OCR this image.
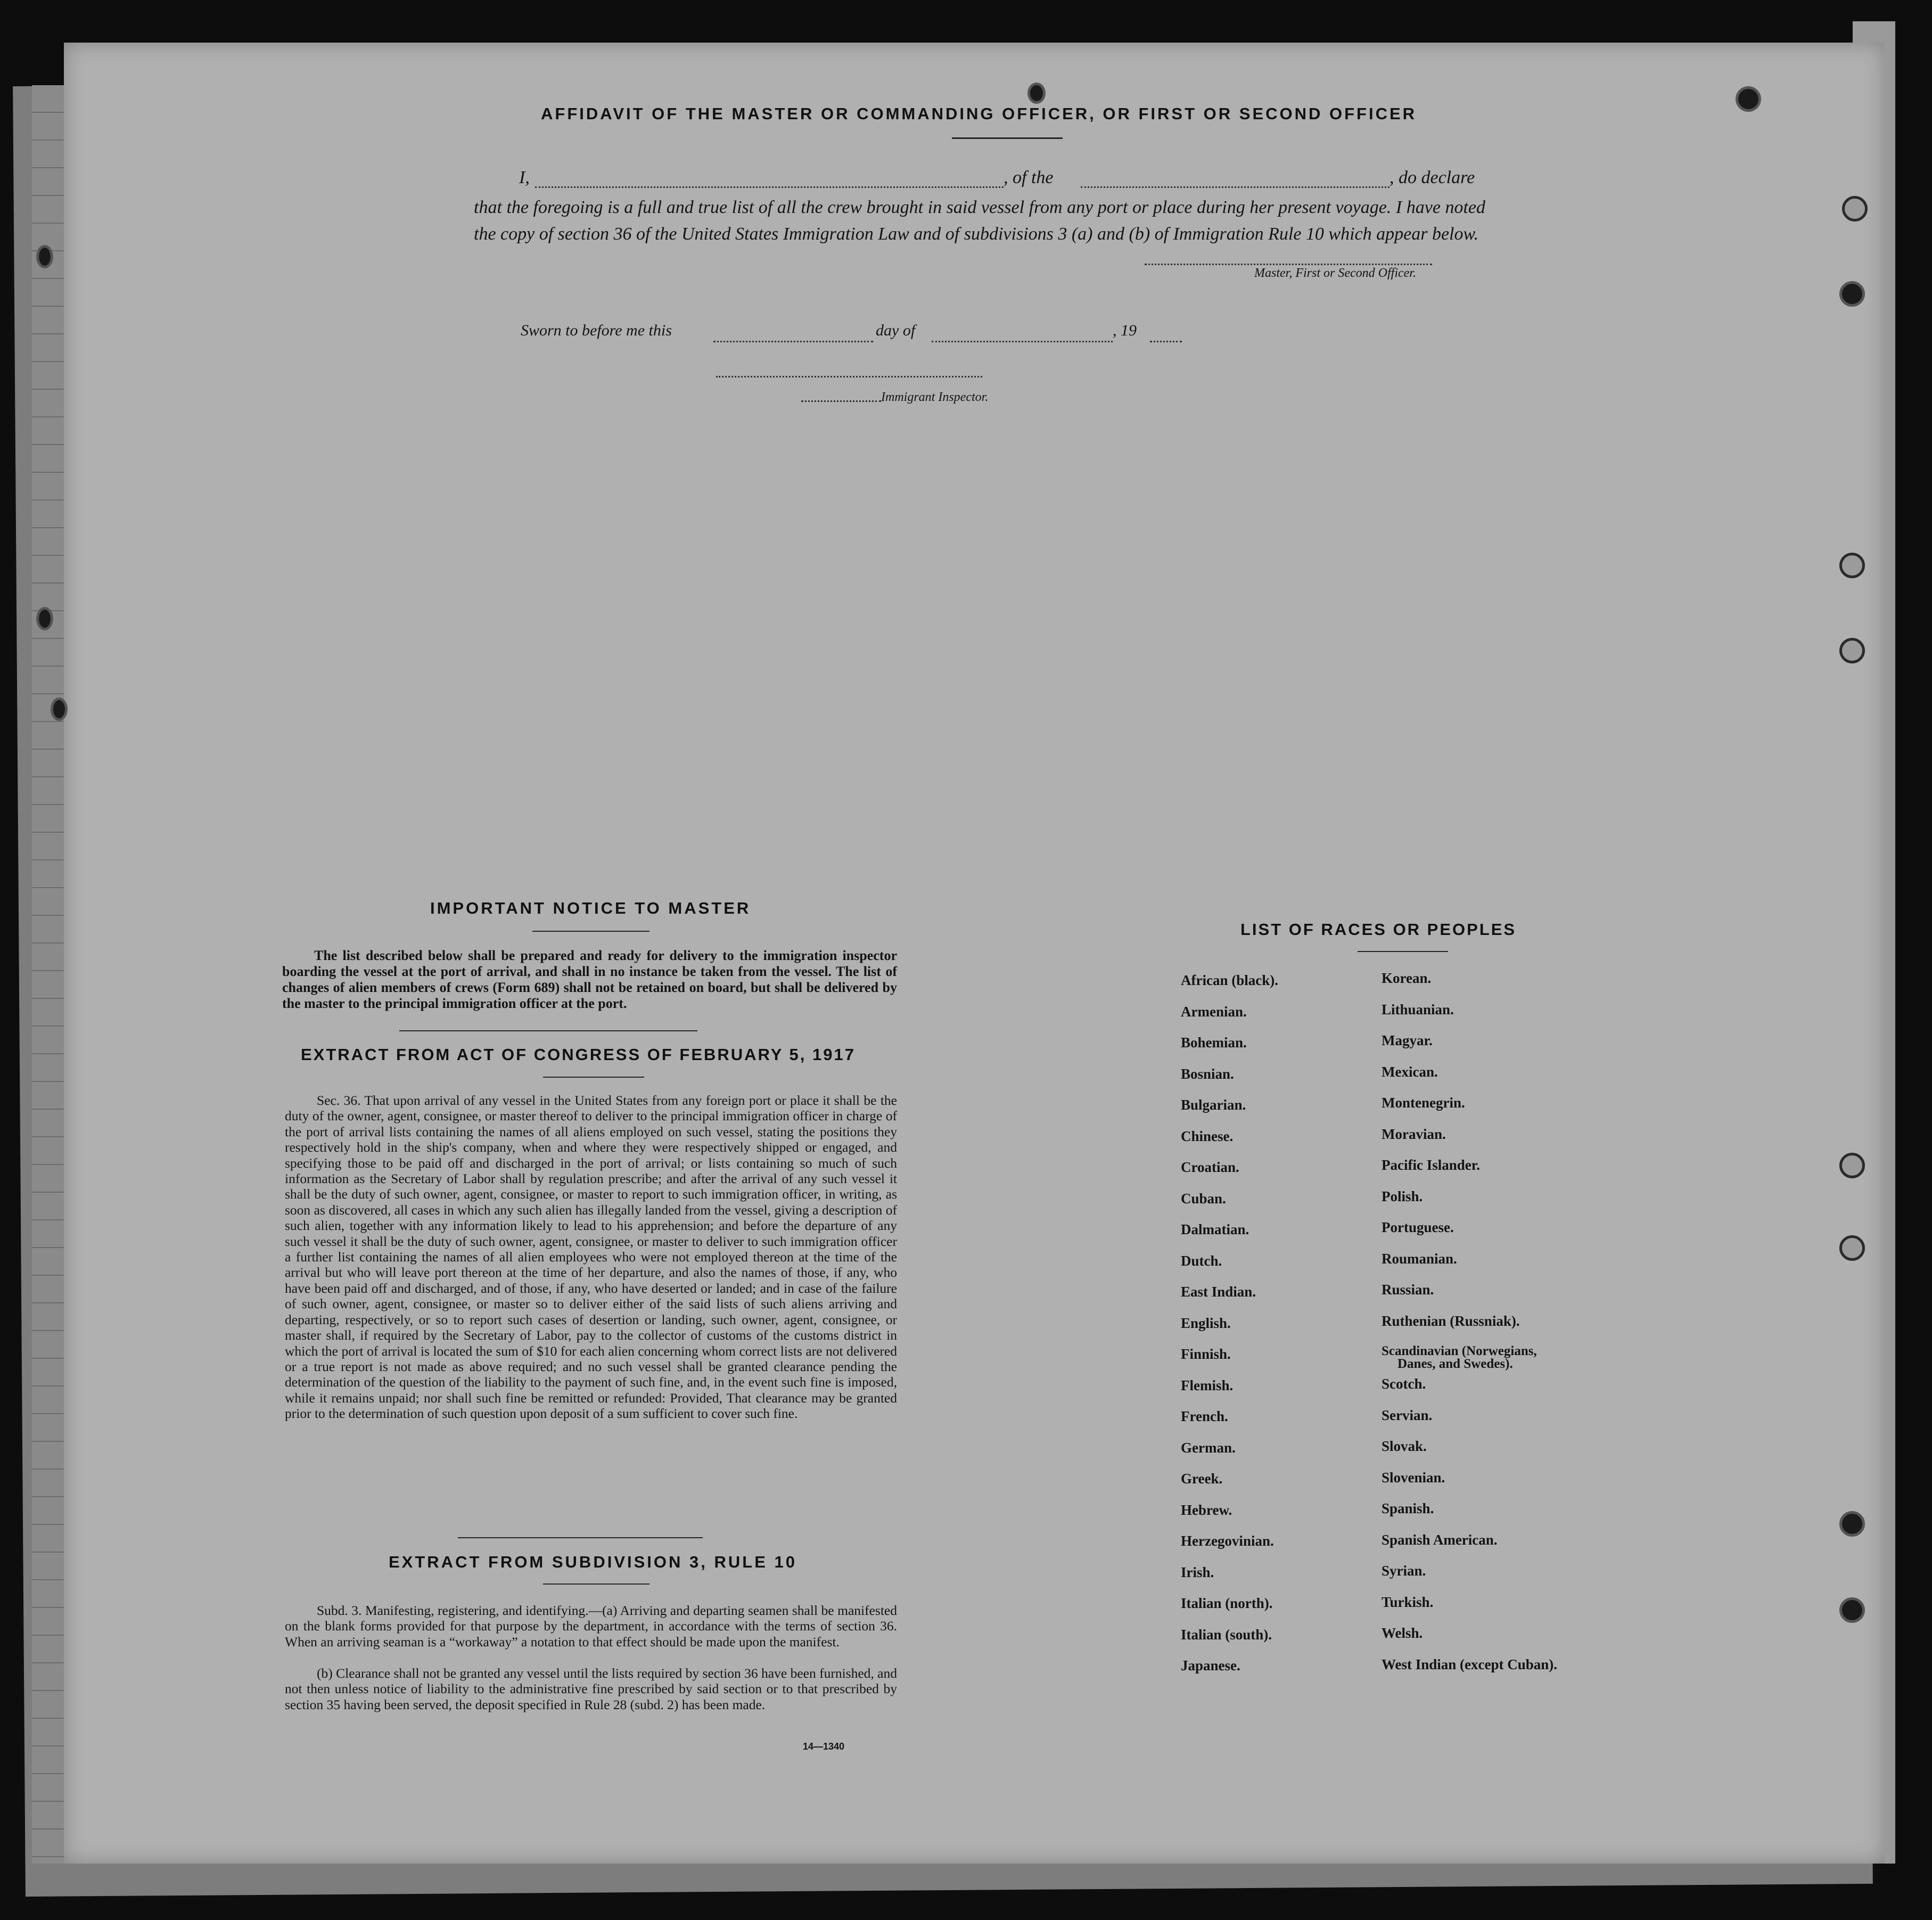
AFFIDAVIT OF THE MASTER OR COMMANDING OFFICER, OR FIRST OR SECOND OFFICER
I,	, of the	, do declare
that the foregoing is a full and true list of all the crew brought in said vessel from any port or place during her present voyage. I have noted the copy of section 36 of the United States Immigration Law and of subdivisions 3 (a) and (b) of Immigration Rule 10 which appear below.
Master, First or Second Officer.
Sworn to before me this	day of	, 19
Immigrant Inspector.
IMPORTANT NOTICE TO MASTER
The list described below shall be prepared and ready for delivery to the immigration inspector boarding the vessel at the port of arrival, and shall in no instance be taken from the vessel. The list of changes of alien members of crews (Form 689) shall not be retained on board, but shall be delivered by the master to the principal immigration officer at the port.
EXTRACT FROM ACT OF CONGRESS OF FEBRUARY 5, 1917
Sec. 36. That upon arrival of any vessel in the United States from any foreign port or place it shall be the duty of the owner, agent, consignee, or master thereof to deliver to the principal immigration officer in charge of the port of arrival lists containing the names of all aliens employed on such vessel, stating the positions they respectively hold in the ship's company, when and where they were respectively shipped or engaged, and specifying those to be paid off and discharged in the port of arrival; or lists containing so much of such information as the Secretary of Labor shall by regulation prescribe; and after the arrival of any such vessel it shall be the duty of such owner, agent, consignee, or master to report to such immigration officer, in writing, as soon as discovered, all cases in which any such alien has illegally landed from the vessel, giving a description of such alien, together with any information likely to lead to his apprehension; and before the departure of any such vessel it shall be the duty of such owner, agent, consignee, or master to deliver to such immigration officer a further list containing the names of all alien employees who were not employed thereon at the time of the arrival but who will leave port thereon at the time of her departure, and also the names of those, if any, who have been paid off and discharged, and of those, if any, who have deserted or landed; and in case of the failure of such owner, agent, consignee, or master so to deliver either of the said lists of such aliens arriving and departing, respectively, or so to report such cases of desertion or landing, such owner, agent, consignee, or master shall, if required by the Secretary of Labor, pay to the collector of customs of the customs district in which the port of arrival is located the sum of $10 for each alien concerning whom correct lists are not delivered or a true report is not made as above required; and no such vessel shall be granted clearance pending the determination of the question of the liability to the payment of such fine, and, in the event such fine is imposed, while it remains unpaid; nor shall such fine be remitted or refunded: Provided, That clearance may be granted prior to the determination of such question upon deposit of a sum sufficient to cover such fine.
EXTRACT FROM SUBDIVISION 3, RULE 10
Subd. 3. Manifesting, registering, and identifying.—(a) Arriving and departing seamen shall be manifested on the blank forms provided for that purpose by the department, in accordance with the terms of section 36. When an arriving seaman is a “workaway” a notation to that effect should be made upon the manifest.
(b) Clearance shall not be granted any vessel until the lists required by section 36 have been furnished, and not then unless notice of liability to the administrative fine prescribed by said section or to that prescribed by section 35 having been served, the deposit specified in Rule 28 (subd. 2) has been made.
14—1340
LIST OF RACES OR PEOPLES
African (black).
Armenian.
Bohemian.
Bosnian.
Bulgarian.
Chinese.
Croatian.
Cuban.
Dalmatian.
Dutch.
East Indian.
English.
Finnish.
Flemish.
French.
German.
Greek.
Hebrew.
Herzegovinian.
Irish.
Italian (north).
Italian (south).
Japanese.
Korean.
Lithuanian.
Magyar.
Mexican.
Montenegrin.
Moravian.
Pacific Islander.
Polish.
Portuguese.
Roumanian.
Russian.
Ruthenian (Russniak).
Scandinavian (Norwegians,
Danes, and Swedes).
Scotch.
Servian.
Slovak.
Slovenian.
Spanish.
Spanish American.
Syrian.
Turkish.
Welsh.
West Indian (except Cuban).
